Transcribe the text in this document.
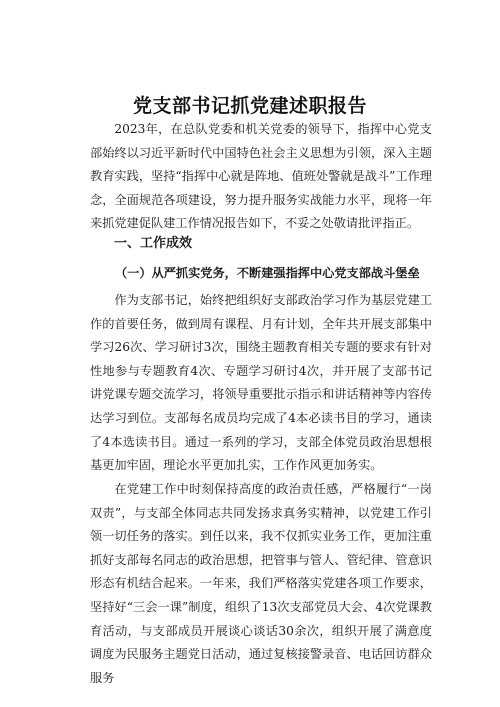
党支部书记抓党建述职报告

2023年，在总队党委和机关党委的领导下，指挥中心党支部始终以习近平新时代中国特色社会主义思想为引领，深入主题教育实践，坚持“指挥中心就是阵地、值班处警就是战斗”工作理念，全面规范各项建设，努力提升服务实战能力水平，现将一年来抓党建促队建工作情况报告如下，不妥之处敬请批评指正。

一、工作成效
（一）从严抓实党务，不断建强指挥中心党支部战斗堡垒

作为支部书记，始终把组织好支部政治学习作为基层党建工作的首要任务，做到周有课程、月有计划，全年共开展支部集中学习26次、学习研讨3次，围绕主题教育相关专题的要求有针对性地参与专题教育4次、专题学习研讨4次，并开展了支部书记讲党课专题交流学习，将领导重要批示指示和讲话精神等内容传达学习到位。支部每名成员均完成了4本必读书目的学习，通读了4本选读书目。通过一系列的学习，支部全体党员政治思想根基更加牢固，理论水平更加扎实，工作作风更加务实。

在党建工作中时刻保持高度的政治责任感，严格履行“一岗双责”，与支部全体同志共同发扬求真务实精神，以党建工作引领一切任务的落实。到任以来，我不仅抓实业务工作，更加注重抓好支部每名同志的政治思想，把管事与管人、管纪律、管意识形态有机结合起来。一年来，我们严格落实党建各项工作要求，坚持好“三会一课”制度，组织了13次支部党员大会、4次党课教育活动，与支部成员开展谈心谈话30余次，组织开展了满意度调度为民服务主题党日活动，通过复核接警录音、电话回访群众服务
